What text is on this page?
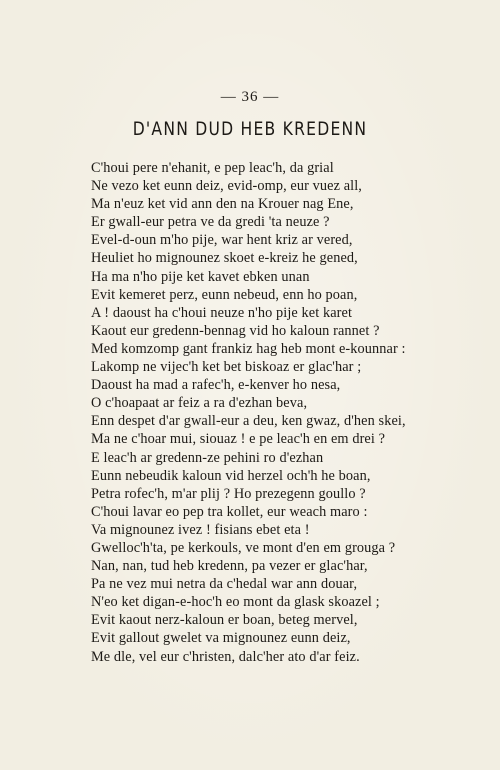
— 36 —
D'ANN DUD HEB KREDENN
C'houi pere n'ehanit, e pep leac'h, da grial
Ne vezo ket eunn deiz, evid-omp, eur vuez all,
Ma n'euz ket vid ann den na Krouer nag Ene,
Er gwall-eur petra ve da gredi 'ta neuze ?
Evel-d-oun m'ho pije, war hent kriz ar vered,
Heuliet ho mignounez skoet e-kreiz he gened,
Ha ma n'ho pije ket kavet ebken unan
Evit kemeret perz, eunn nebeud, enn ho poan,
A ! daoust ha c'houi neuze n'ho pije ket karet
Kaout eur gredenn-bennag vid ho kaloun rannet ?
Med komzomp gant frankiz hag heb mont e-kounnar :
Lakomp ne vijec'h ket bet biskoaz er glac'har ;
Daoust ha mad a rafec'h, e-kenver ho nesa,
O c'hoapaat ar feiz a ra d'ezhan beva,
Enn despet d'ar gwall-eur a deu, ken gwaz, d'hen skei,
Ma ne c'hoar mui, siouaz ! e pe leac'h en em drei ?
E leac'h ar gredenn-ze pehini ro d'ezhan
Eunn nebeudik kaloun vid herzel och'h he boan,
Petra rofec'h, m'ar plij ? Ho prezegenn goullo ?
C'houi lavar eo pep tra kollet, eur weach maro :
Va mignounez ivez ! fisians ebet eta !
Gwelloc'h'ta, pe kerkouls, ve mont d'en em grouga ?
Nan, nan, tud heb kredenn, pa vezer er glac'har,
Pa ne vez mui netra da c'hedal war ann douar,
N'eo ket digan-e-hoc'h eo mont da glask skoazel ;
Evit kaout nerz-kaloun er boan, beteg mervel,
Evit gallout gwelet va mignounez eunn deiz,
Me dle, vel eur c'hristen, dalc'her ato d'ar feiz.
